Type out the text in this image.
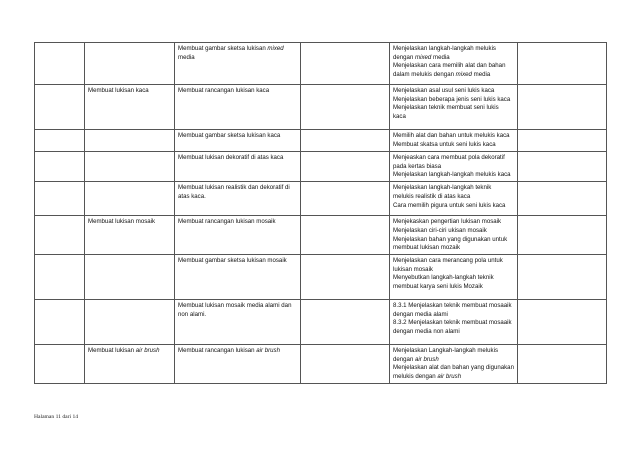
		Membuat gambar sketsa lukisan mixed
media		Menjelaskan langkah-langkah melukis
dengan mixed media
Menjelaskan cara memilih alat dan bahan
dalam melukis dengan mixed media	

	Membuat lukisan kaca	Membuat rancangan lukisan kaca		Menjelaskan asal usul seni lukis kaca
Menjelaskan beberapa jenis seni lukis kaca
Menjelaskan teknik membuat seni lukis
kaca	

		Membuat gambar sketsa lukisan kaca		Memilih alat dan bahan untuk melukis kaca
Membuat skatsa untuk seni lukis kaca	

		Membuat lukisan dekoratif di atas kaca		Menjeaskan cara membuat pola dekoratif
pada kertas biasa
Menjelaskan langkah-langkah melukis kaca	

		Membuat lukisan realistik dan dekoratif di
atas kaca.		Menjelaskan langkah-langkah teknik
melukis realistik di atas kaca
Cara memilih pigura untuk seni lukis kaca	

	Membuat lukisan mosaik	Membuat rancangan lukisan mosaik		Menjekaskan pengertian lukisan mosaik
Menjelaskan ciri-ciri ukisan mosaik
Menjelaskan bahan yang digunakan untuk
membuat lukisan mozaik	

		Membuat gambar sketsa lukisan mosaik		Menjelaskan cara merancang pola untuk
lukisan mosaik
Menyebutkan langkah-langkah teknik
membuat karya seni lukis Mozaik	

		Membuat lukisan mosaik media alami dan
non alami.		8.3.1 Menjelaskan teknik membuat mosaaik
dengan media alami
8.3.2 Menjelaskan teknik membuat mosaaik
dengan media non alami	

	Membuat lukisan air brush	Membuat rancangan lukisan air brush		Menjelaskan Langkah-langkah melukis
dengan air brush
Menjelaskan alat dan bahan yang digunakan
melukis dengan air brush	

Halaman 11 dari 14
